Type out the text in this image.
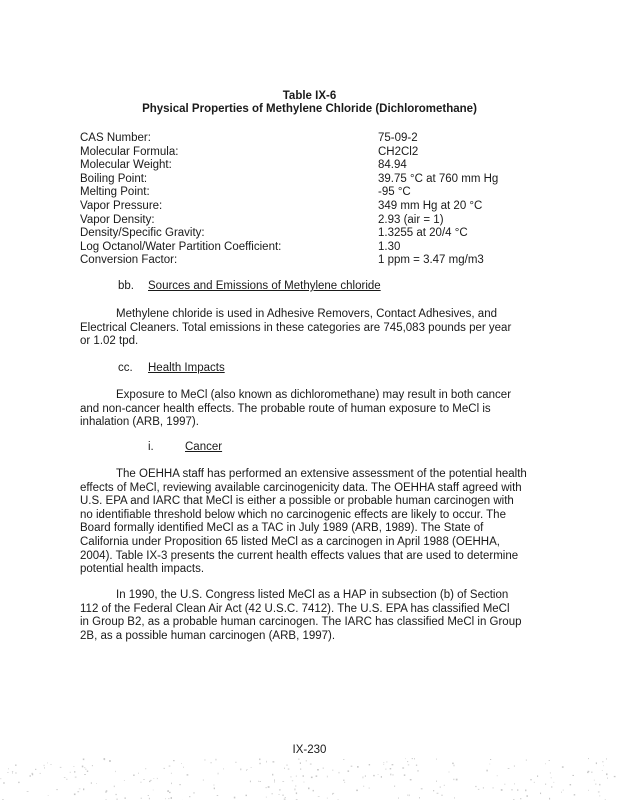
Table IX-6
Physical Properties of Methylene Chloride (Dichloromethane)
CAS Number:	75-09-2
Molecular Formula:	CH2Cl2
Molecular Weight:	84.94
Boiling Point:	39.75 °C at 760 mm Hg
Melting Point:	-95 °C
Vapor Pressure:	349 mm Hg at 20 °C
Vapor Density:	2.93 (air = 1)
Density/Specific Gravity:	1.3255 at 20/4 °C
Log Octanol/Water Partition Coefficient:	1.30
Conversion Factor:	1 ppm = 3.47 mg/m3
bb. Sources and Emissions of Methylene chloride
Methylene chloride is used in Adhesive Removers, Contact Adhesives, and
Electrical Cleaners. Total emissions in these categories are 745,083 pounds per year
or 1.02 tpd.
cc. Health Impacts
Exposure to MeCl (also known as dichloromethane) may result in both cancer
and non-cancer health effects. The probable route of human exposure to MeCl is
inhalation (ARB, 1997).
i.	Cancer
The OEHHA staff has performed an extensive assessment of the potential health
effects of MeCl, reviewing available carcinogenicity data. The OEHHA staff agreed with
U.S. EPA and IARC that MeCl is either a possible or probable human carcinogen with
no identifiable threshold below which no carcinogenic effects are likely to occur. The
Board formally identified MeCl as a TAC in July 1989 (ARB, 1989). The State of
California under Proposition 65 listed MeCl as a carcinogen in April 1988 (OEHHA,
2004). Table IX-3 presents the current health effects values that are used to determine
potential health impacts.
In 1990, the U.S. Congress listed MeCl as a HAP in subsection (b) of Section
112 of the Federal Clean Air Act (42 U.S.C. 7412). The U.S. EPA has classified MeCl
in Group B2, as a probable human carcinogen. The IARC has classified MeCl in Group
2B, as a possible human carcinogen (ARB, 1997).
IX-230
